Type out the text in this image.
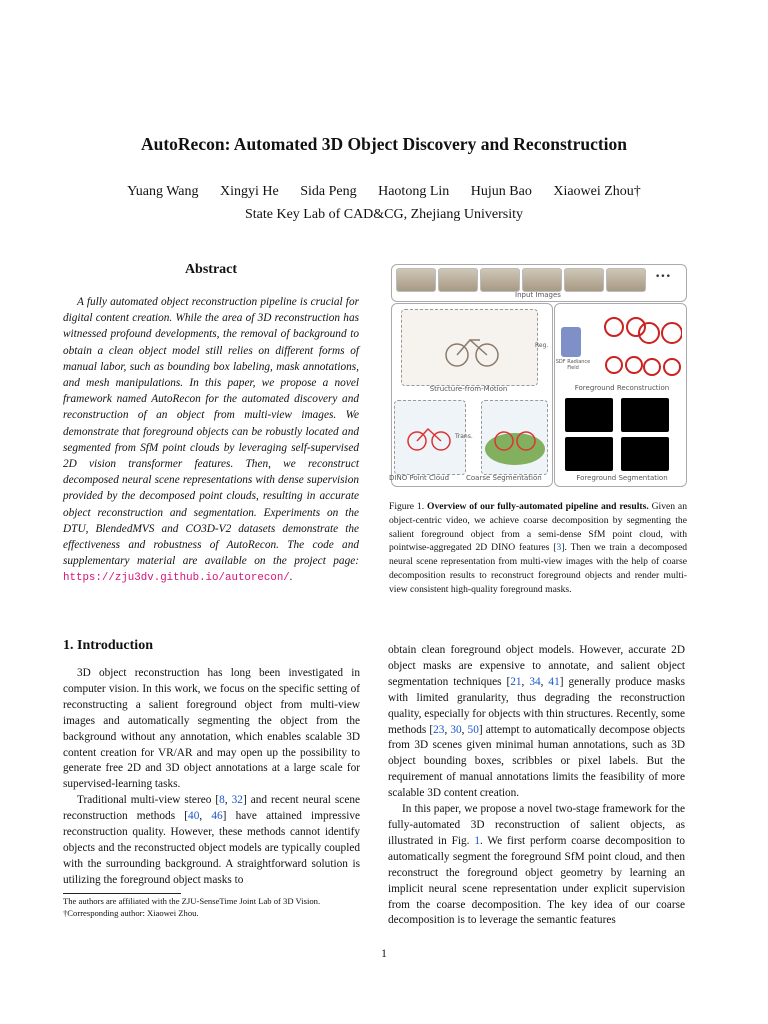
AutoRecon: Automated 3D Object Discovery and Reconstruction
Yuang Wang Xingyi He Sida Peng Haotong Lin Hujun Bao Xiaowei Zhou†
State Key Lab of CAD&CG, Zhejiang University
Abstract

A fully automated object reconstruction pipeline is crucial for digital content creation. While the area of 3D reconstruction has witnessed profound developments, the removal of background to obtain a clean object model still relies on different forms of manual labor, such as bounding box labeling, mask annotations, and mesh manipulations. In this paper, we propose a novel framework named AutoRecon for the automated discovery and reconstruction of an object from multi-view images. We demonstrate that foreground objects can be robustly located and segmented from SfM point clouds by leveraging self-supervised 2D vision transformer features. Then, we reconstruct decomposed neural scene representations with dense supervision provided by the decomposed point clouds, resulting in accurate object reconstruction and segmentation. Experiments on the DTU, BlendedMVS and CO3D-V2 datasets demonstrate the effectiveness and robustness of AutoRecon. The code and supplementary material are available on the project page: https://zju3dv.github.io/autorecon/.

•••
Input Images
Structure-from-Motion
Trans.
DINO Point Cloud Coarse Segmentation
Reg.
SDF Radiance Field
Foreground Reconstruction
Foreground Segmentation
Figure 1. Overview of our fully-automated pipeline and results. Given an object-centric video, we achieve coarse decomposition by segmenting the salient foreground object from a semi-dense SfM point cloud, with pointwise-aggregated 2D DINO features [3]. Then we train a decomposed neural scene representation from multi-view images with the help of coarse decomposition results to reconstruct foreground objects and render multi-view consistent high-quality foreground masks.
1. Introduction

3D object reconstruction has long been investigated in computer vision. In this work, we focus on the specific setting of reconstructing a salient foreground object from multi-view images and automatically segmenting the object from the background without any annotation, which enables scalable 3D content creation for VR/AR and may open up the possibility to generate free 2D and 3D object annotations at a large scale for supervised-learning tasks.

Traditional multi-view stereo [8, 32] and recent neural scene reconstruction methods [40, 46] have attained impressive reconstruction quality. However, these methods cannot identify objects and the reconstructed object models are typically coupled with the surrounding background. A straightforward solution is utilizing the foreground object masks to

obtain clean foreground object models. However, accurate 2D object masks are expensive to annotate, and salient object segmentation techniques [21, 34, 41] generally produce masks with limited granularity, thus degrading the reconstruction quality, especially for objects with thin structures. Recently, some methods [23, 30, 50] attempt to automatically decompose objects from 3D scenes given minimal human annotations, such as 3D object bounding boxes, scribbles or pixel labels. But the requirement of manual annotations limits the feasibility of more scalable 3D content creation.

In this paper, we propose a novel two-stage framework for the fully-automated 3D reconstruction of salient objects, as illustrated in Fig. 1. We first perform coarse decomposition to automatically segment the foreground SfM point cloud, and then reconstruct the foreground object geometry by learning an implicit neural scene representation under explicit supervision from the coarse decomposition. The key idea of our coarse decomposition is to leverage the semantic features

The authors are affiliated with the ZJU-SenseTime Joint Lab of 3D Vision.
†Corresponding author: Xiaowei Zhou.
1
